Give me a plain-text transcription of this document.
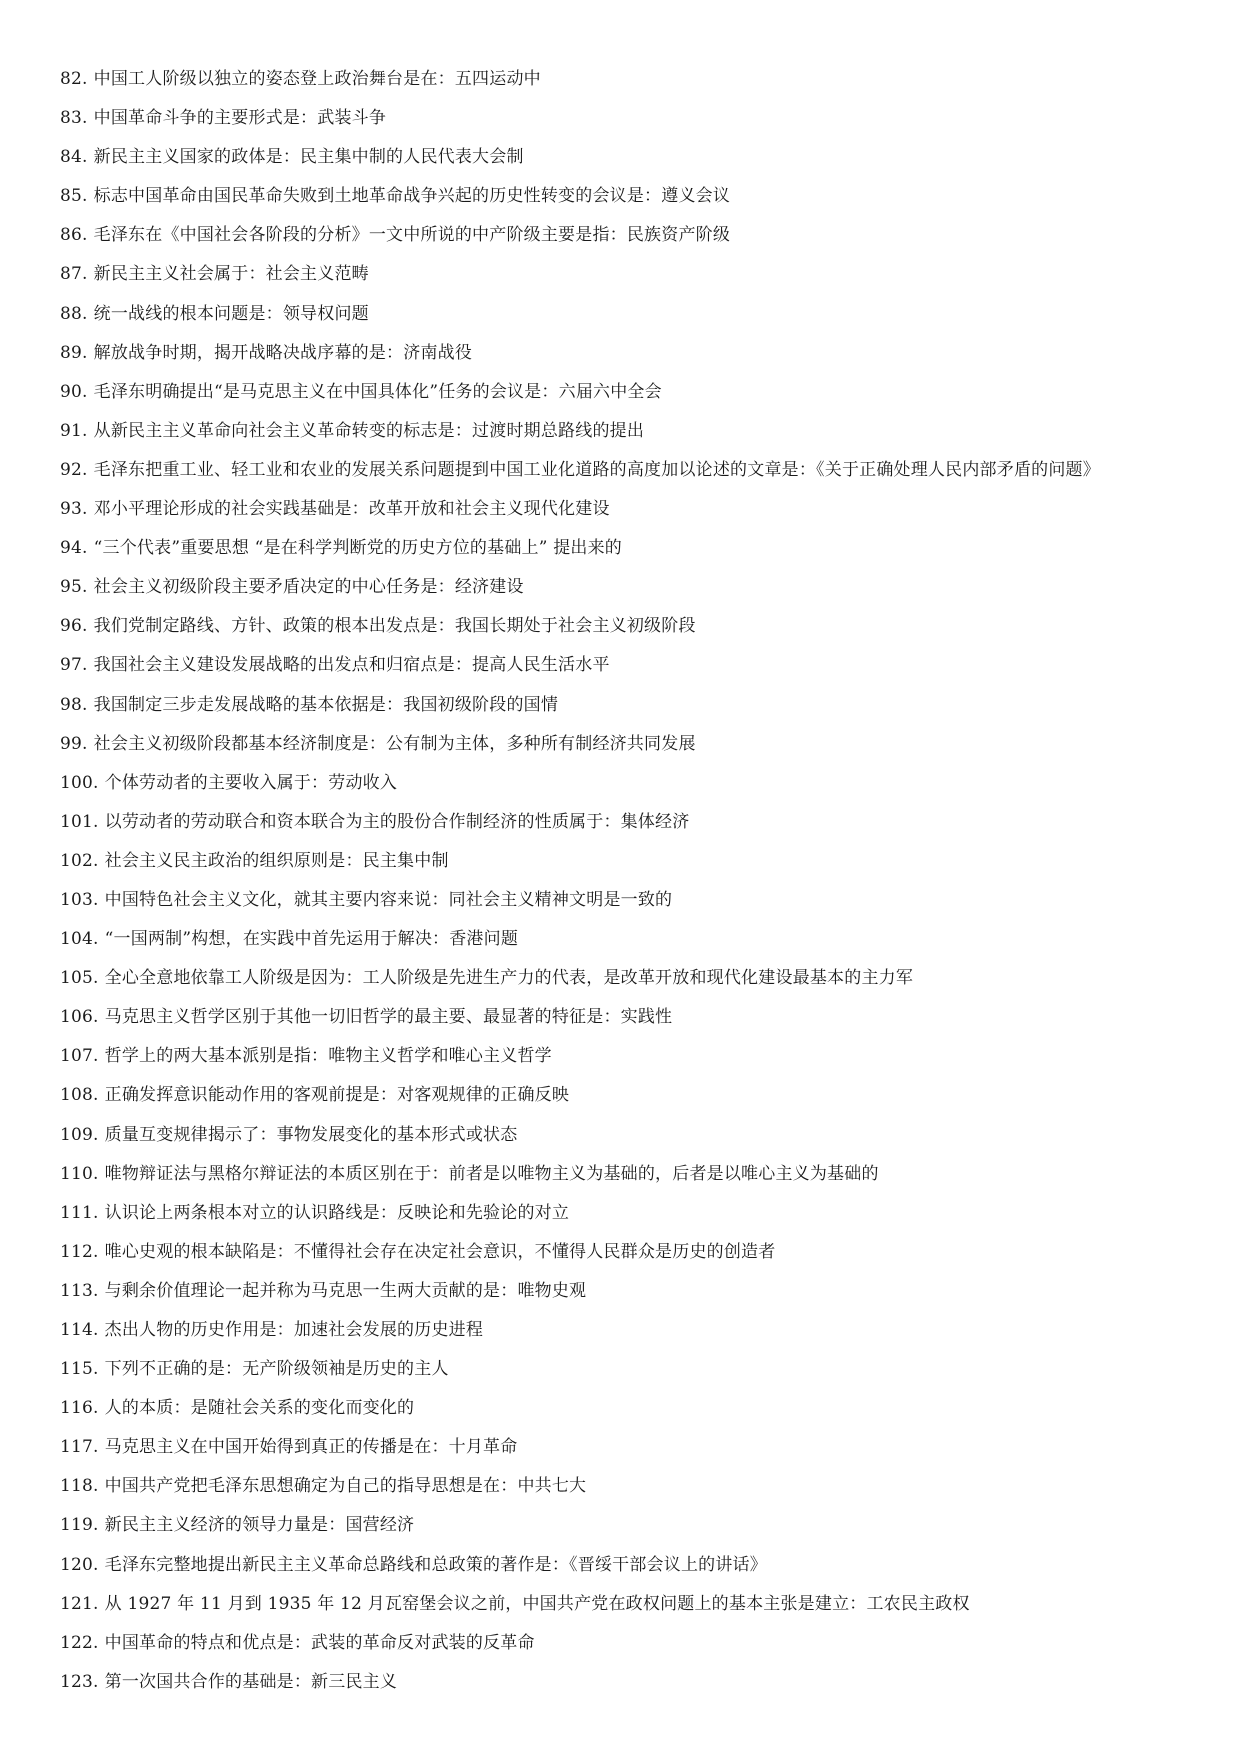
82. 中国工人阶级以独立的姿态登上政治舞台是在：五四运动中
83. 中国革命斗争的主要形式是：武装斗争
84. 新民主主义国家的政体是：民主集中制的人民代表大会制
85. 标志中国革命由国民革命失败到土地革命战争兴起的历史性转变的会议是：遵义会议
86. 毛泽东在《中国社会各阶段的分析》一文中所说的中产阶级主要是指：民族资产阶级
87. 新民主主义社会属于：社会主义范畴
88. 统一战线的根本问题是：领导权问题
89. 解放战争时期，揭开战略决战序幕的是：济南战役
90. 毛泽东明确提出“是马克思主义在中国具体化”任务的会议是：六届六中全会
91. 从新民主主义革命向社会主义革命转变的标志是：过渡时期总路线的提出
92. 毛泽东把重工业、轻工业和农业的发展关系问题提到中国工业化道路的高度加以论述的文章是：《关于正确处理人民内部矛盾的问题》
93. 邓小平理论形成的社会实践基础是：改革开放和社会主义现代化建设
94. “三个代表”重要思想 “是在科学判断党的历史方位的基础上” 提出来的
95. 社会主义初级阶段主要矛盾决定的中心任务是：经济建设
96. 我们党制定路线、方针、政策的根本出发点是：我国长期处于社会主义初级阶段
97. 我国社会主义建设发展战略的出发点和归宿点是：提高人民生活水平
98. 我国制定三步走发展战略的基本依据是：我国初级阶段的国情
99. 社会主义初级阶段都基本经济制度是：公有制为主体，多种所有制经济共同发展
100. 个体劳动者的主要收入属于：劳动收入
101. 以劳动者的劳动联合和资本联合为主的股份合作制经济的性质属于：集体经济
102. 社会主义民主政治的组织原则是：民主集中制
103. 中国特色社会主义文化，就其主要内容来说：同社会主义精神文明是一致的
104. “一国两制”构想，在实践中首先运用于解决：香港问题
105. 全心全意地依靠工人阶级是因为：工人阶级是先进生产力的代表，是改革开放和现代化建设最基本的主力军
106. 马克思主义哲学区别于其他一切旧哲学的最主要、最显著的特征是：实践性
107. 哲学上的两大基本派别是指：唯物主义哲学和唯心主义哲学
108. 正确发挥意识能动作用的客观前提是：对客观规律的正确反映
109. 质量互变规律揭示了：事物发展变化的基本形式或状态
110. 唯物辩证法与黑格尔辩证法的本质区别在于：前者是以唯物主义为基础的，后者是以唯心主义为基础的
111. 认识论上两条根本对立的认识路线是：反映论和先验论的对立
112. 唯心史观的根本缺陷是：不懂得社会存在决定社会意识，不懂得人民群众是历史的创造者
113. 与剩余价值理论一起并称为马克思一生两大贡献的是：唯物史观
114. 杰出人物的历史作用是：加速社会发展的历史进程
115. 下列不正确的是：无产阶级领袖是历史的主人
116. 人的本质：是随社会关系的变化而变化的
117. 马克思主义在中国开始得到真正的传播是在：十月革命
118. 中国共产党把毛泽东思想确定为自己的指导思想是在：中共七大
119. 新民主主义经济的领导力量是：国营经济
120. 毛泽东完整地提出新民主主义革命总路线和总政策的著作是：《晋绥干部会议上的讲话》
121. 从 1927 年 11 月到 1935 年 12 月瓦窑堡会议之前，中国共产党在政权问题上的基本主张是建立：工农民主政权
122. 中国革命的特点和优点是：武装的革命反对武装的反革命
123. 第一次国共合作的基础是：新三民主义
